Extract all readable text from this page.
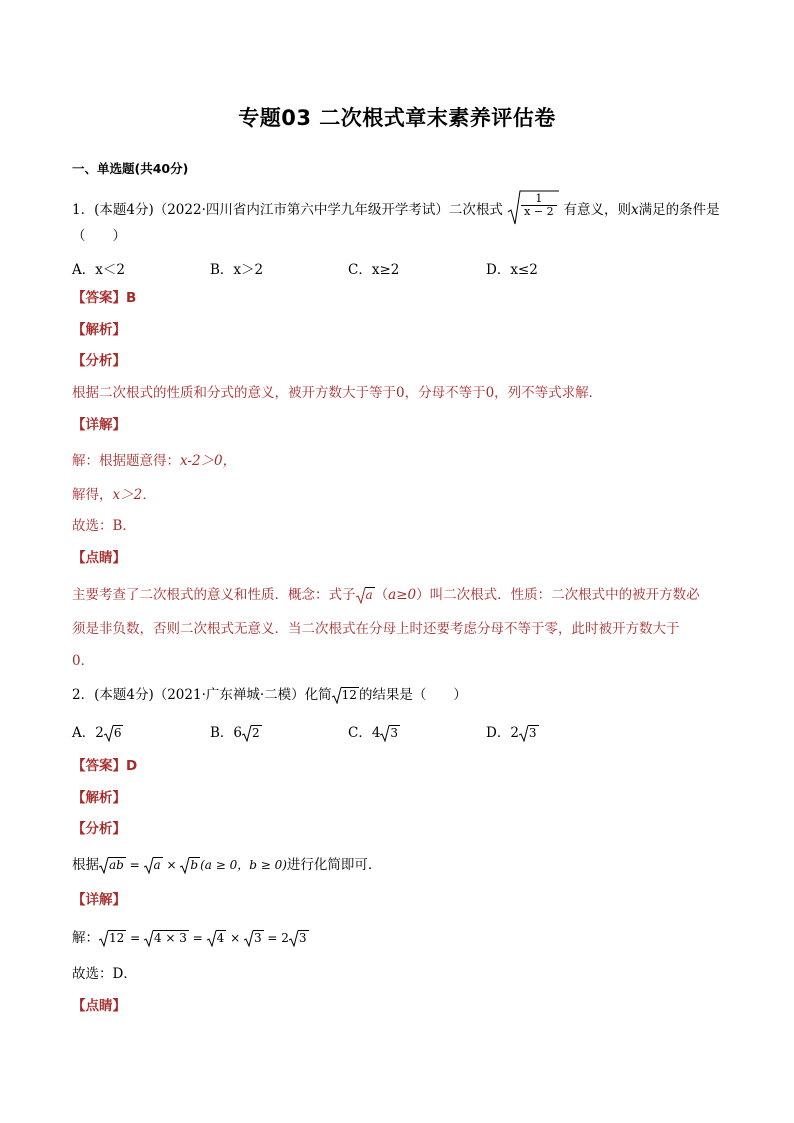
专题03 二次根式章末素养评估卷
一、单选题(共40分)
1．(本题4分)（2022·四川省内江市第六中学九年级开学考试）二次根式 $\frac{1}{x - 2}$ 有意义，则x满足的条件是
（　　）
A．x＜2	B．x＞2	C．x≥2	D．x≤2
【答案】B
【解析】
【分析】
根据二次根式的性质和分式的意义，被开方数大于等于0，分母不等于0，列不等式求解．
【详解】
解：根据题意得：x-2＞0，
解得，x＞2．
故选：B．
【点睛】
主要考查了二次根式的意义和性质．概念：式子 a （a≥0）叫二次根式．性质：二次根式中的被开方数必
须是非负数，否则二次根式无意义．当二次根式在分母上时还要考虑分母不等于零，此时被开方数大于
0．
2．(本题4分)（2021·广东禅城·二模）化简 12 的结果是（　　）
A．2 6	B．6 2	C．4 3	D．2 3
【答案】D
【解析】
【分析】
根据 ab
= a
× b (a ≥ 0，b ≥ 0)进行化简即可．
【详解】
解： 12
= 4 × 3
= 4
× 3
= 2 3
故选：D．
【点睛】
